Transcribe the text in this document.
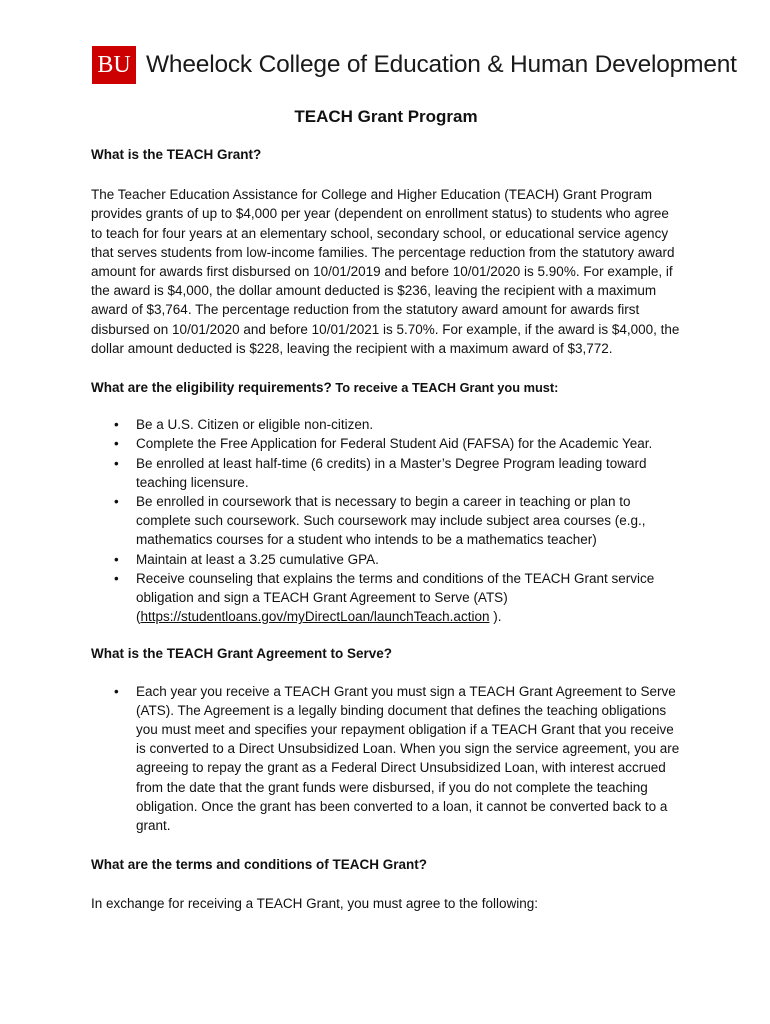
BU Wheelock College of Education & Human Development
TEACH Grant Program

What is the TEACH Grant?

The Teacher Education Assistance for College and Higher Education (TEACH) Grant Program provides grants of up to $4,000 per year (dependent on enrollment status) to students who agree to teach for four years at an elementary school, secondary school, or educational service agency that serves students from low-income families. The percentage reduction from the statutory award amount for awards first disbursed on 10/01/2019 and before 10/01/2020 is 5.90%. For example, if the award is $4,000, the dollar amount deducted is $236, leaving the recipient with a maximum award of $3,764. The percentage reduction from the statutory award amount for awards first disbursed on 10/01/2020 and before 10/01/2021 is 5.70%. For example, if the award is $4,000, the dollar amount deducted is $228, leaving the recipient with a maximum award of $3,772.

What are the eligibility requirements? To receive a TEACH Grant you must:

• Be a U.S. Citizen or eligible non-citizen.
• Complete the Free Application for Federal Student Aid (FAFSA) for the Academic Year.
• Be enrolled at least half-time (6 credits) in a Master’s Degree Program leading toward teaching licensure.
• Be enrolled in coursework that is necessary to begin a career in teaching or plan to complete such coursework. Such coursework may include subject area courses (e.g., mathematics courses for a student who intends to be a mathematics teacher)
• Maintain at least a 3.25 cumulative GPA.
• Receive counseling that explains the terms and conditions of the TEACH Grant service obligation and sign a TEACH Grant Agreement to Serve (ATS) (https://studentloans.gov/myDirectLoan/launchTeach.action ).

What is the TEACH Grant Agreement to Serve?

• Each year you receive a TEACH Grant you must sign a TEACH Grant Agreement to Serve (ATS). The Agreement is a legally binding document that defines the teaching obligations you must meet and specifies your repayment obligation if a TEACH Grant that you receive is converted to a Direct Unsubsidized Loan. When you sign the service agreement, you are agreeing to repay the grant as a Federal Direct Unsubsidized Loan, with interest accrued from the date that the grant funds were disbursed, if you do not complete the teaching obligation. Once the grant has been converted to a loan, it cannot be converted back to a grant.

What are the terms and conditions of TEACH Grant?

In exchange for receiving a TEACH Grant, you must agree to the following:
